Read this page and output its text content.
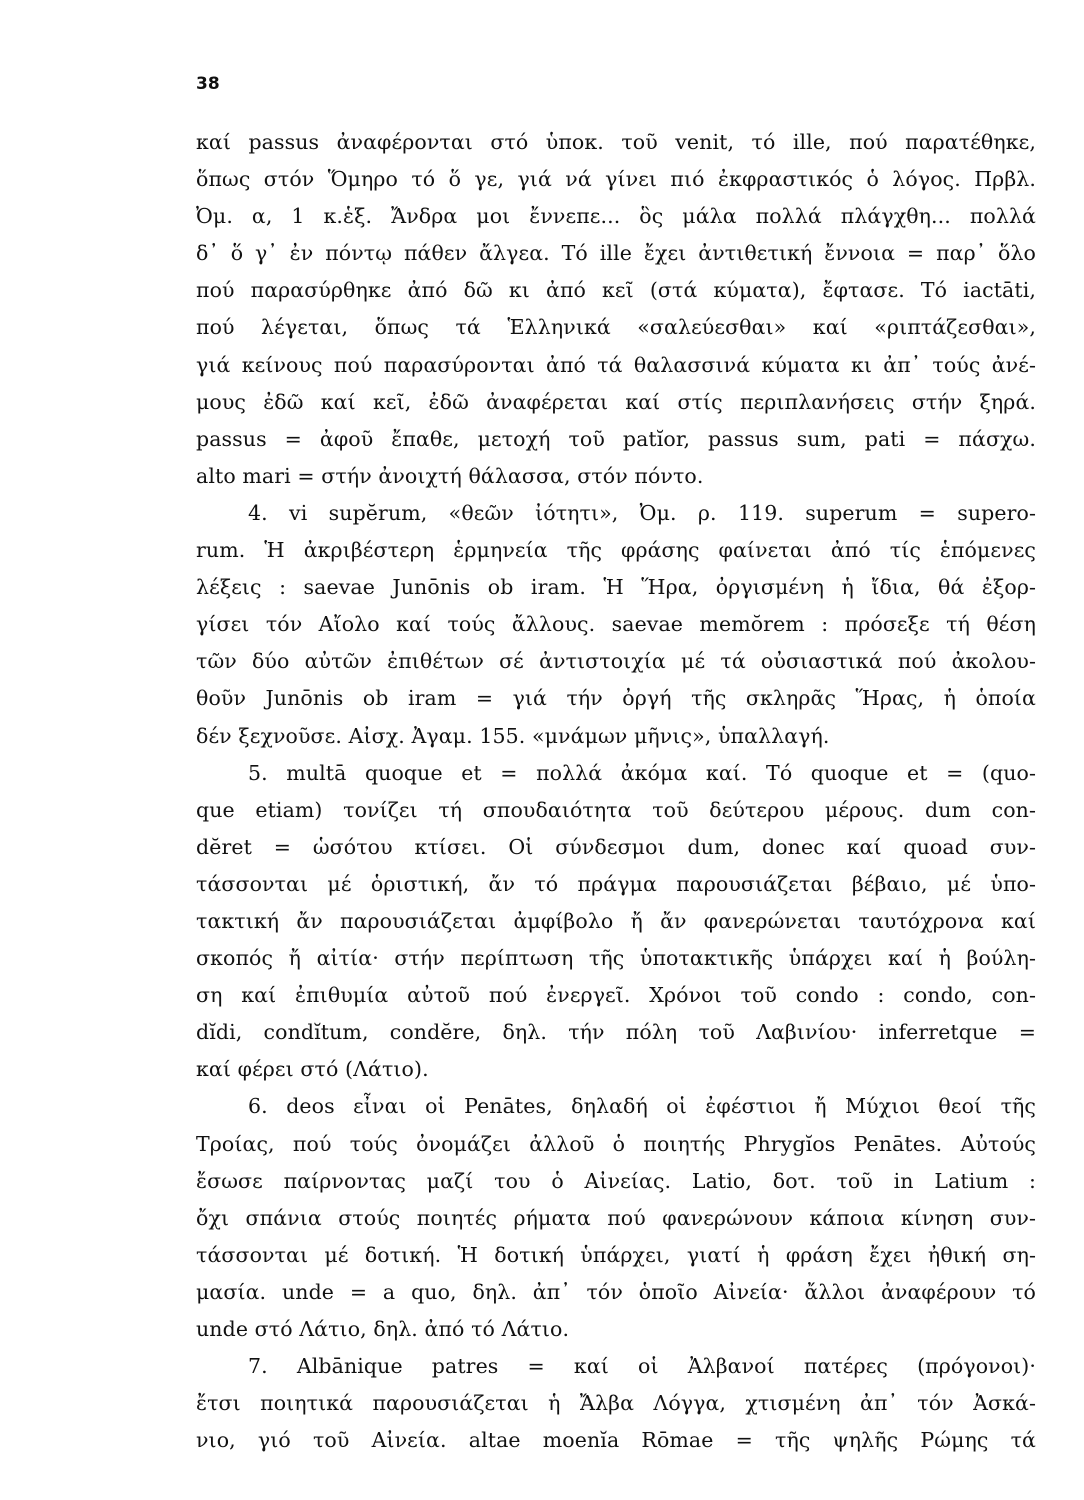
38
καί passus ἀναφέρονται στό ὑποκ. τοῦ venit, τό ille, πού παρατέθηκε,
ὅπως στόν Ὅμηρο τό ὅ γε, γιά νά γίνει πιό ἐκφραστικός ὁ λόγος. Πρβλ.
Ὀμ. α, 1 κ.ἑξ. Ἄνδρα μοι ἔννεπε... ὃς μάλα πολλά πλάγχθη... πολλά
δ᾽ ὅ γ᾽ ἐν πόντῳ πάθεν ἄλγεα. Τό ille ἔχει ἀντιθετική ἔννοια = παρ᾽ ὅλο
πού παρασύρθηκε ἀπό δῶ κι ἀπό κεῖ (στά κύματα), ἔφτασε. Τό iactāti,
πού λέγεται, ὅπως τά Ἑλληνικά «σαλεύεσθαι» καί «ριπτάζεσθαι»,
γιά κείνους πού παρασύρονται ἀπό τά θαλασσινά κύματα κι ἀπ᾽ τούς ἀνέ-
μους ἐδῶ καί κεῖ, ἐδῶ ἀναφέρεται καί στίς περιπλανήσεις στήν ξηρά.
passus = ἀφοῦ ἔπαθε, μετοχή τοῦ patĭor, passus sum, pati = πάσχω.
alto mari = στήν ἀνοιχτή θάλασσα, στόν πόντο.
4. vi supĕrum, «θεῶν ἰότητι», Ὀμ. ρ. 119. superum = supero-
rum. Ἡ ἀκριβέστερη ἑρμηνεία τῆς φράσης φαίνεται ἀπό τίς ἑπόμενες
λέξεις : saevae Junōnis ob iram. Ἡ Ἥρα, ὀργισμένη ἡ ἴδια, θά ἐξορ-
γίσει τόν Αἴολο καί τούς ἄλλους. saevae memŏrem : πρόσεξε τή θέση
τῶν δύο αὐτῶν ἐπιθέτων σέ ἀντιστοιχία μέ τά οὐσιαστικά πού ἀκολου-
θοῦν Junōnis ob iram = γιά τήν ὀργή τῆς σκληρᾶς Ἥρας, ἡ ὁποία
δέν ξεχνοῦσε. Αἰσχ. Ἀγαμ. 155. «μνάμων μῆνις», ὑπαλλαγή.
5. multā quoque et = πολλά ἀκόμα καί. Τό quoque et = (quo-
que etiam) τονίζει τή σπουδαιότητα τοῦ δεύτερου μέρους. dum con-
dĕret = ὡσότου κτίσει. Οἱ σύνδεσμοι dum, donec καί quoad συν-
τάσσονται μέ ὁριστική, ἄν τό πράγμα παρουσιάζεται βέβαιο, μέ ὑπο-
τακτική ἄν παρουσιάζεται ἀμφίβολο ἤ ἄν φανερώνεται ταυτόχρονα καί
σκοπός ἤ αἰτία· στήν περίπτωση τῆς ὑποτακτικῆς ὑπάρχει καί ἡ βούλη-
ση καί ἐπιθυμία αὐτοῦ πού ἐνεργεῖ. Χρόνοι τοῦ condo : condo, con-
dĭdi, condĭtum, condĕre, δηλ. τήν πόλη τοῦ Λαβινίου· inferretque =
καί φέρει στό (Λάτιο).
6. deos εἶναι οἱ Penātes, δηλαδή οἱ ἐφέστιοι ἤ Μύχιοι θεοί τῆς
Τροίας, πού τούς ὀνομάζει ἀλλοῦ ὁ ποιητής Phrygĭos Penātes. Αὐτούς
ἔσωσε παίρνοντας μαζί του ὁ Αἰνείας. Latio, δοτ. τοῦ in Latium :
ὄχι σπάνια στούς ποιητές ρήματα πού φανερώνουν κάποια κίνηση συν-
τάσσονται μέ δοτική. Ἡ δοτική ὑπάρχει, γιατί ἡ φράση ἔχει ἠθική ση-
μασία. unde = a quo, δηλ. ἀπ᾽ τόν ὁποῖο Αἰνεία· ἄλλοι ἀναφέρουν τό
unde στό Λάτιο, δηλ. ἀπό τό Λάτιο.
7. Albānique patres = καί οἱ Ἀλβανοί πατέρες (πρόγονοι)·
ἔτσι ποιητικά παρουσιάζεται ἡ Ἄλβα Λόγγα, χτισμένη ἀπ᾽ τόν Ἀσκά-
νιο, γιό τοῦ Αἰνεία. altae moenĭa Rōmae = τῆς ψηλῆς Ρώμης τά
